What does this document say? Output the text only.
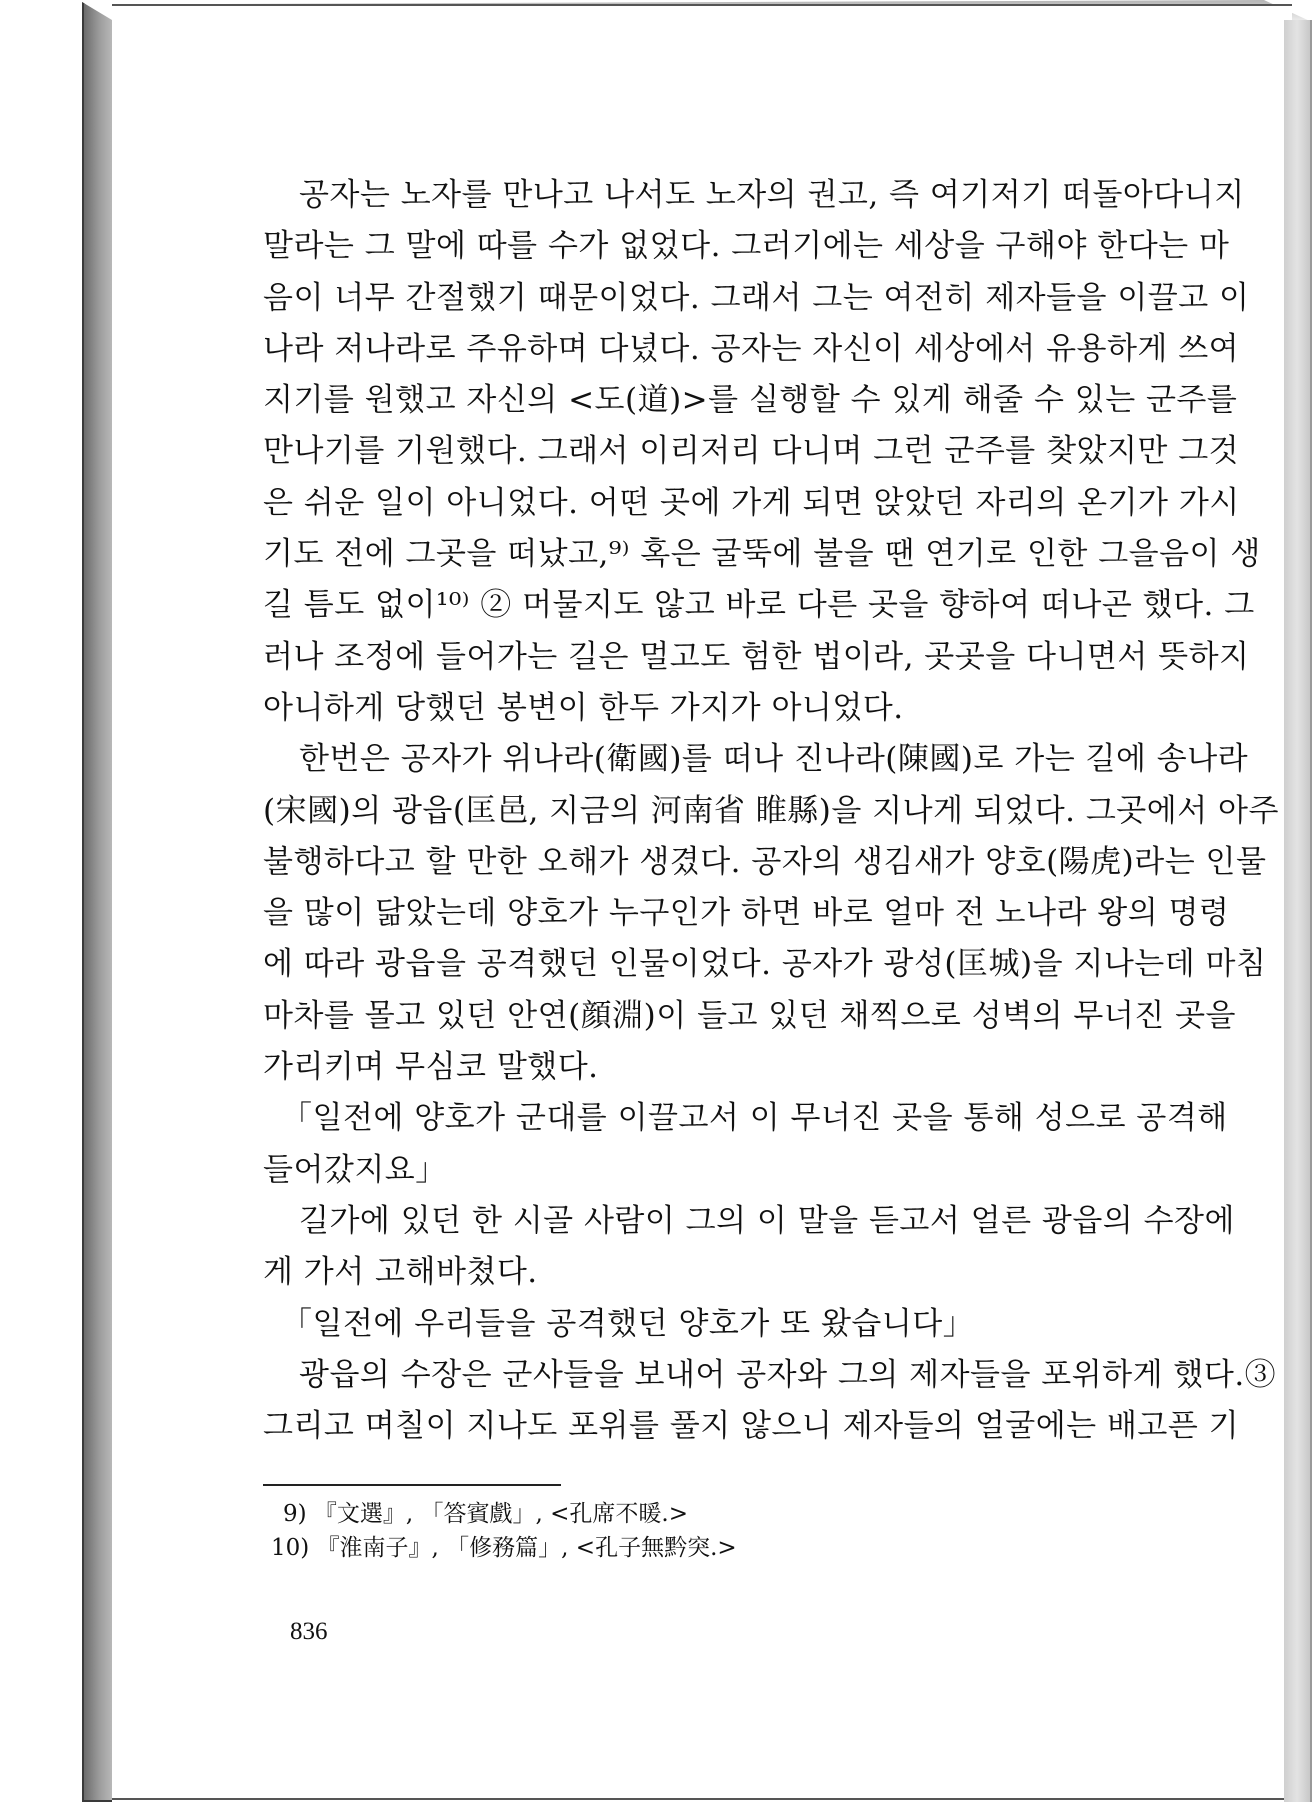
공자는 노자를 만나고 나서도 노자의 권고, 즉 여기저기 떠돌아다니지
말라는 그 말에 따를 수가 없었다. 그러기에는 세상을 구해야 한다는 마
음이 너무 간절했기 때문이었다. 그래서 그는 여전히 제자들을 이끌고 이
나라 저나라로 주유하며 다녔다. 공자는 자신이 세상에서 유용하게 쓰여
지기를 원했고 자신의 <도(道)>를 실행할 수 있게 해줄 수 있는 군주를
만나기를 기원했다. 그래서 이리저리 다니며 그런 군주를 찾았지만 그것
은 쉬운 일이 아니었다. 어떤 곳에 가게 되면 앉았던 자리의 온기가 가시
기도 전에 그곳을 떠났고,⁹⁾ 혹은 굴뚝에 불을 땐 연기로 인한 그을음이 생
길 틈도 없이¹⁰⁾ ② 머물지도 않고 바로 다른 곳을 향하여 떠나곤 했다. 그
러나 조정에 들어가는 길은 멀고도 험한 법이라, 곳곳을 다니면서 뜻하지
아니하게 당했던 봉변이 한두 가지가 아니었다.
한번은 공자가 위나라(衛國)를 떠나 진나라(陳國)로 가는 길에 송나라
(宋國)의 광읍(匡邑, 지금의 河南省 睢縣)을 지나게 되었다. 그곳에서 아주
불행하다고 할 만한 오해가 생겼다. 공자의 생김새가 양호(陽虎)라는 인물
을 많이 닮았는데 양호가 누구인가 하면 바로 얼마 전 노나라 왕의 명령
에 따라 광읍을 공격했던 인물이었다. 공자가 광성(匡城)을 지나는데 마침
마차를 몰고 있던 안연(顔淵)이 들고 있던 채찍으로 성벽의 무너진 곳을
가리키며 무심코 말했다.
「일전에 양호가 군대를 이끌고서 이 무너진 곳을 통해 성으로 공격해
들어갔지요」
길가에 있던 한 시골 사람이 그의 이 말을 듣고서 얼른 광읍의 수장에
게 가서 고해바쳤다.
「일전에 우리들을 공격했던 양호가 또 왔습니다」
광읍의 수장은 군사들을 보내어 공자와 그의 제자들을 포위하게 했다.③
그리고 며칠이 지나도 포위를 풀지 않으니 제자들의 얼굴에는 배고픈 기
9) 『文選』, 「答賓戲」, <孔席不暖.>
10) 『淮南子』, 「修務篇」, <孔子無黔突.>
836
